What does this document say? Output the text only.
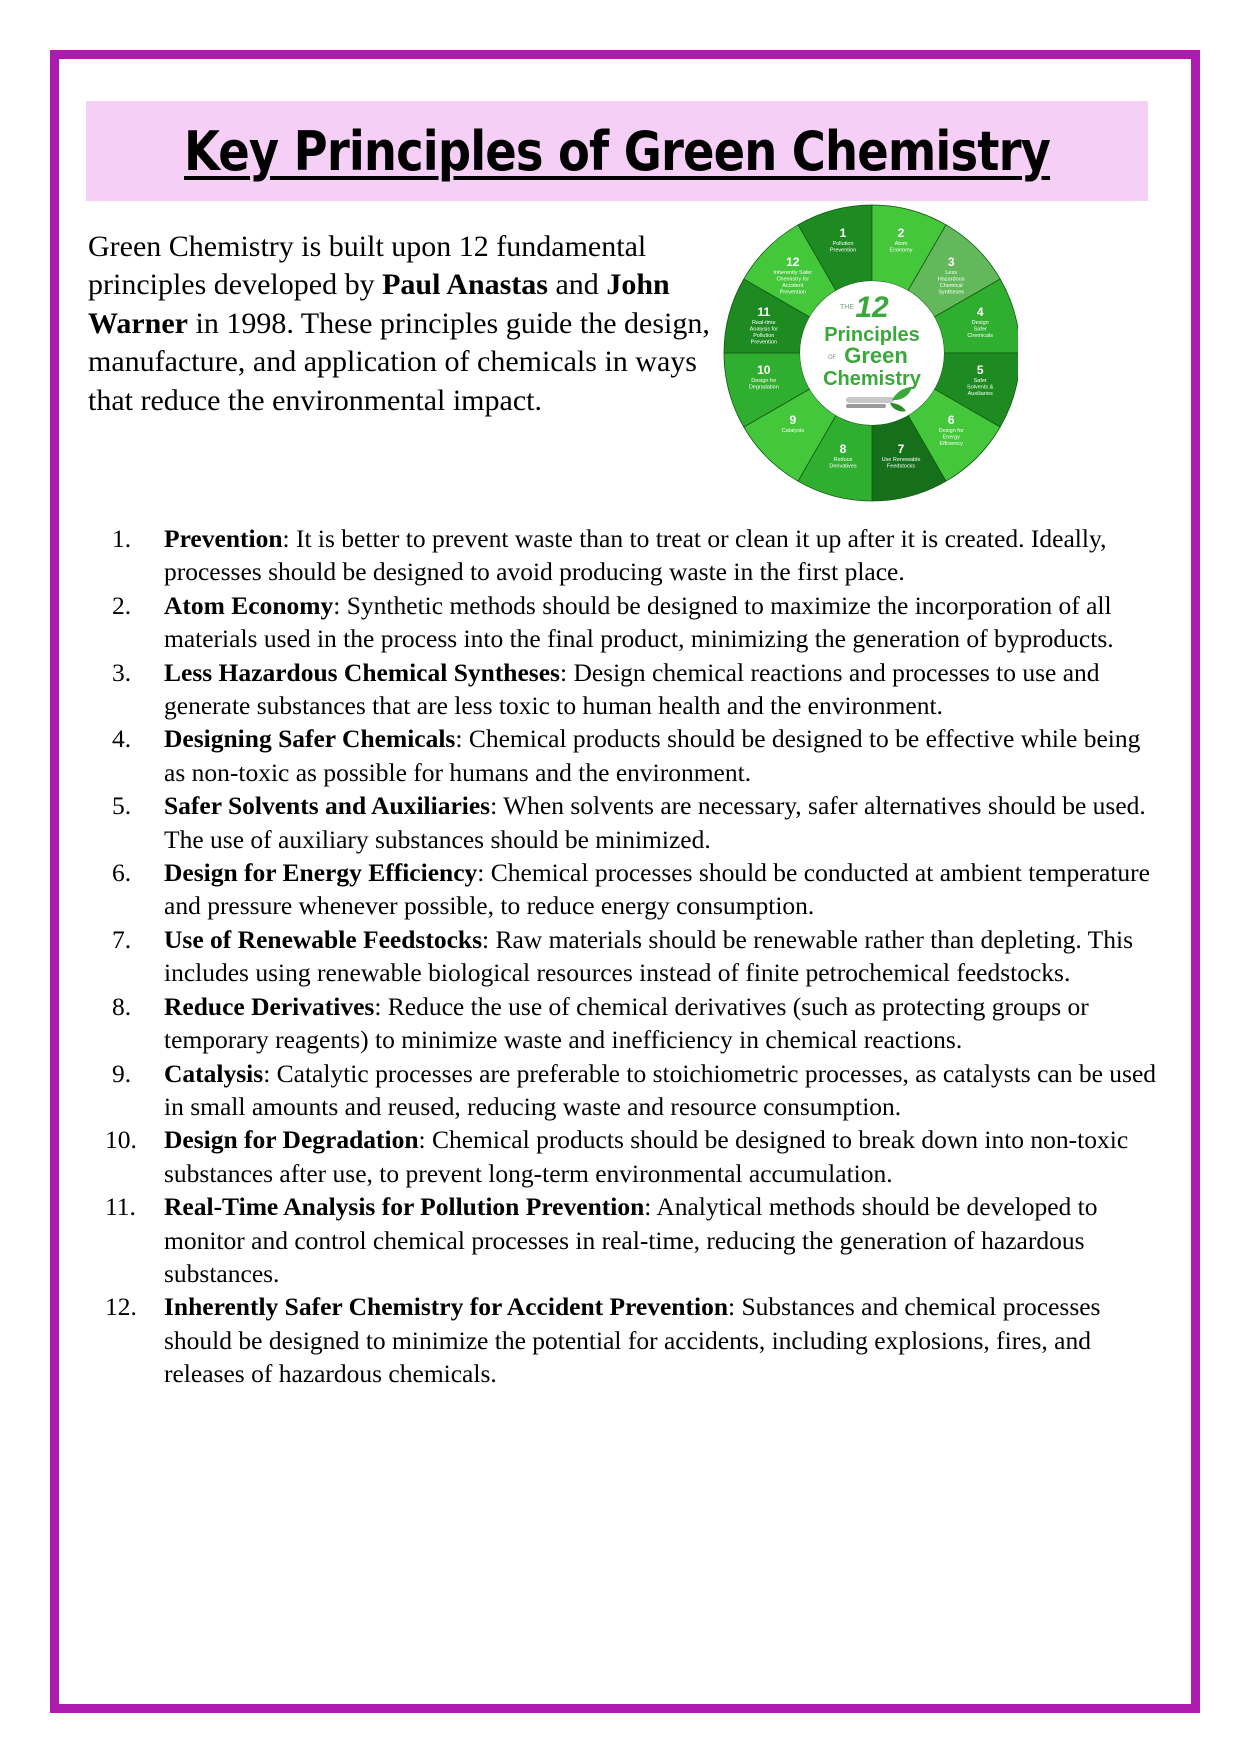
Key Principles of Green Chemistry

Green Chemistry is built upon 12 fundamental principles developed by Paul Anastas and John Warner in 1998. These principles guide the design, manufacture, and application of chemicals in ways that reduce the environmental impact.

1
Pollution
Prevention
2
Atom
Economy
3
Less
Hazardous
Chemical
Syntheses
4
Design
Safer
Chemicals
5
Safer
Solvents &
Auxiliaries
6
Design for
Energy
Efficiency
7
Use Renewable
Feedstocks
8
Reduce
Derivatives
9
Catalysis
10
Design for
Degradation
11
Real-time
Analysis for
Pollution
Prevention
12
Inherently Safer
Chemistry for
Accident
Prevention
THE 12
Principles
OF Green
Chemistry
1. Prevention: It is better to prevent waste than to treat or clean it up after it is created. Ideally, processes should be designed to avoid producing waste in the first place.
2. Atom Economy: Synthetic methods should be designed to maximize the incorporation of all materials used in the process into the final product, minimizing the generation of byproducts.
3. Less Hazardous Chemical Syntheses: Design chemical reactions and processes to use and generate substances that are less toxic to human health and the environment.
4. Designing Safer Chemicals: Chemical products should be designed to be effective while being as non-toxic as possible for humans and the environment.
5. Safer Solvents and Auxiliaries: When solvents are necessary, safer alternatives should be used. The use of auxiliary substances should be minimized.
6. Design for Energy Efficiency: Chemical processes should be conducted at ambient temperature and pressure whenever possible, to reduce energy consumption.
7. Use of Renewable Feedstocks: Raw materials should be renewable rather than depleting. This includes using renewable biological resources instead of finite petrochemical feedstocks.
8. Reduce Derivatives: Reduce the use of chemical derivatives (such as protecting groups or temporary reagents) to minimize waste and inefficiency in chemical reactions.
9. Catalysis: Catalytic processes are preferable to stoichiometric processes, as catalysts can be used in small amounts and reused, reducing waste and resource consumption.
10. Design for Degradation: Chemical products should be designed to break down into non-toxic substances after use, to prevent long-term environmental accumulation.
11. Real-Time Analysis for Pollution Prevention: Analytical methods should be developed to monitor and control chemical processes in real-time, reducing the generation of hazardous substances.
12. Inherently Safer Chemistry for Accident Prevention: Substances and chemical processes should be designed to minimize the potential for accidents, including explosions, fires, and releases of hazardous chemicals.
